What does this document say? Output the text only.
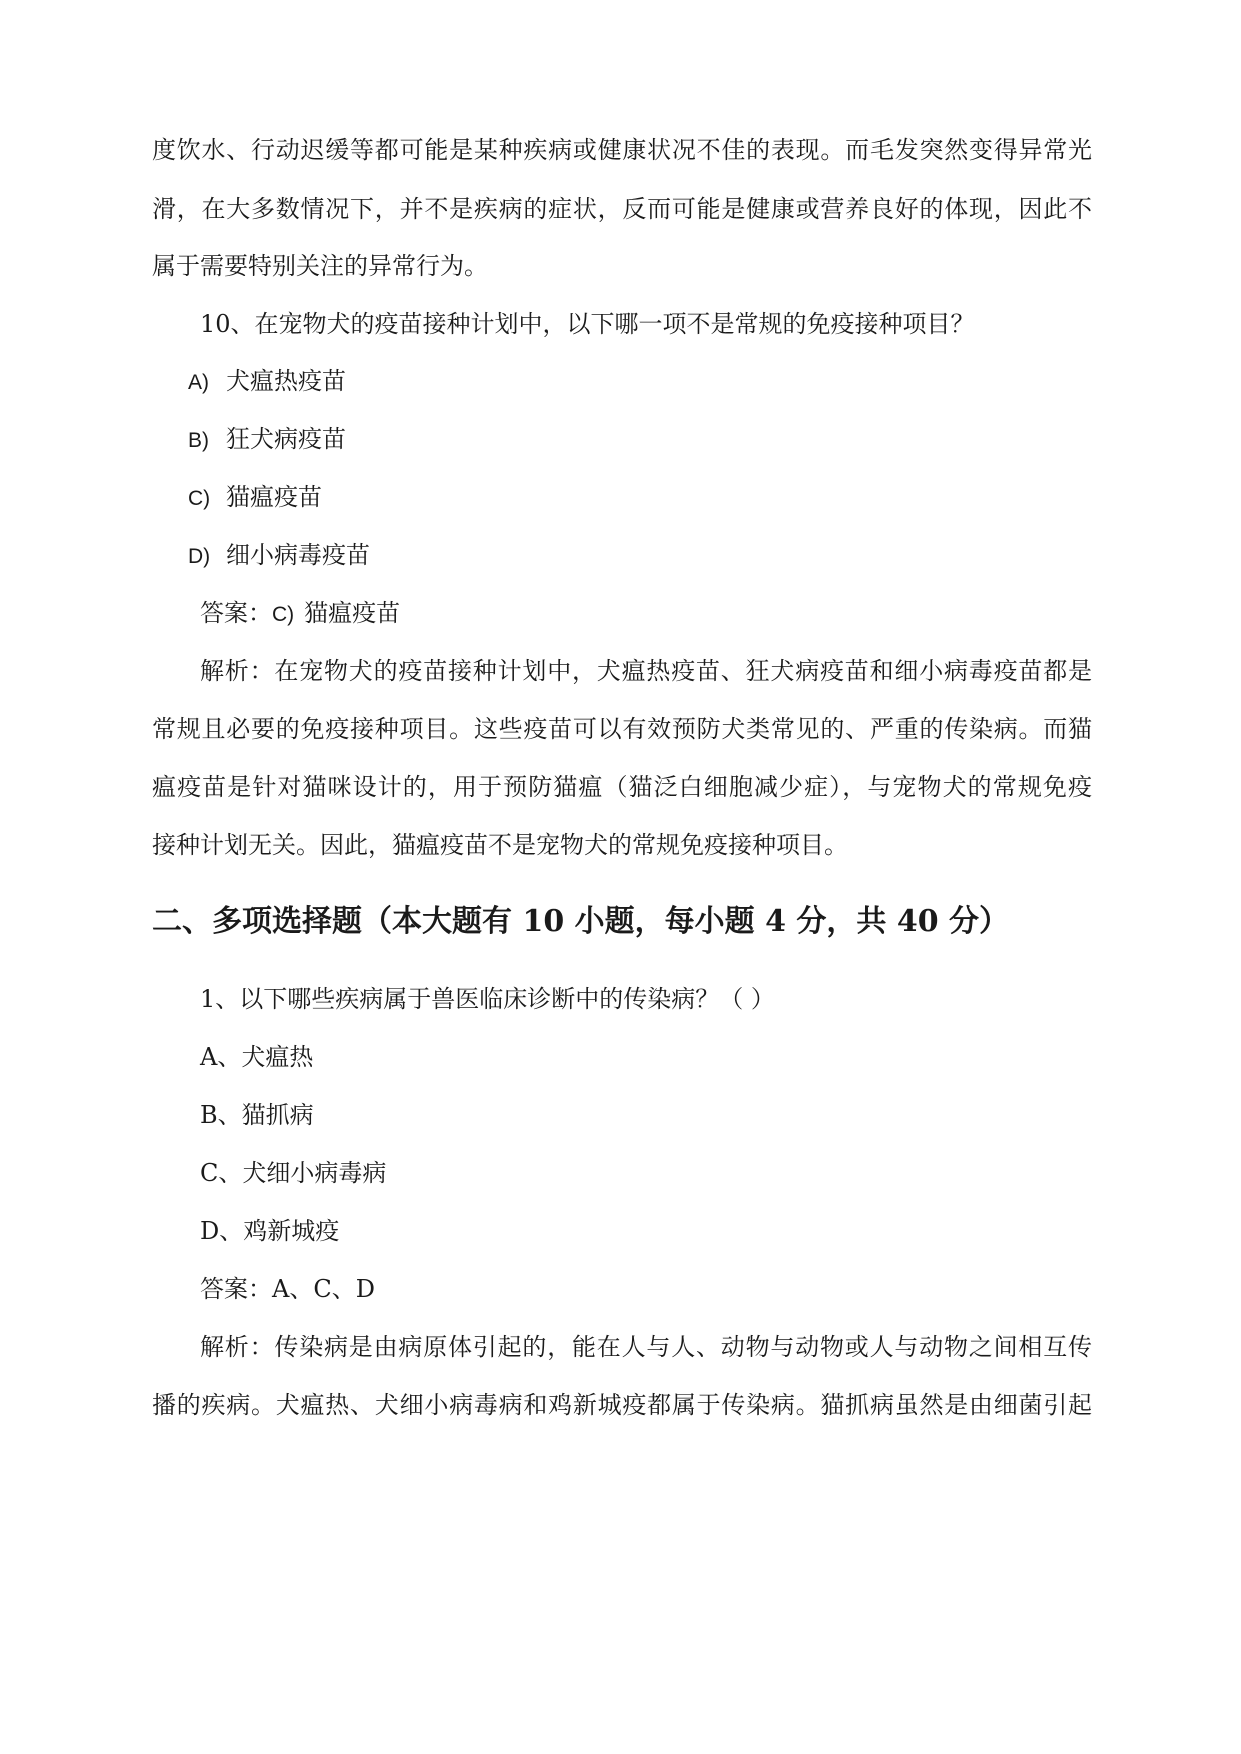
度饮水、行动迟缓等都可能是某种疾病或健康状况不佳的表现。而毛发突然变得异常光
滑，在大多数情况下，并不是疾病的症状，反而可能是健康或营养良好的体现，因此不
属于需要特别关注的异常行为。
10、在宠物犬的疫苗接种计划中，以下哪一项不是常规的免疫接种项目？
A) 犬瘟热疫苗
B) 狂犬病疫苗
C) 猫瘟疫苗
D) 细小病毒疫苗
答案：C) 猫瘟疫苗
解析：在宠物犬的疫苗接种计划中，犬瘟热疫苗、狂犬病疫苗和细小病毒疫苗都是
常规且必要的免疫接种项目。这些疫苗可以有效预防犬类常见的、严重的传染病。而猫
瘟疫苗是针对猫咪设计的，用于预防猫瘟（猫泛白细胞减少症），与宠物犬的常规免疫
接种计划无关。因此，猫瘟疫苗不是宠物犬的常规免疫接种项目。
二、多项选择题（本大题有 10 小题，每小题 4 分，共 40 分）
1、以下哪些疾病属于兽医临床诊断中的传染病？（ ）
A、犬瘟热
B、猫抓病
C、犬细小病毒病
D、鸡新城疫
答案：A、C、D
解析：传染病是由病原体引起的，能在人与人、动物与动物或人与动物之间相互传
播的疾病。犬瘟热、犬细小病毒病和鸡新城疫都属于传染病。猫抓病虽然是由细菌引起
